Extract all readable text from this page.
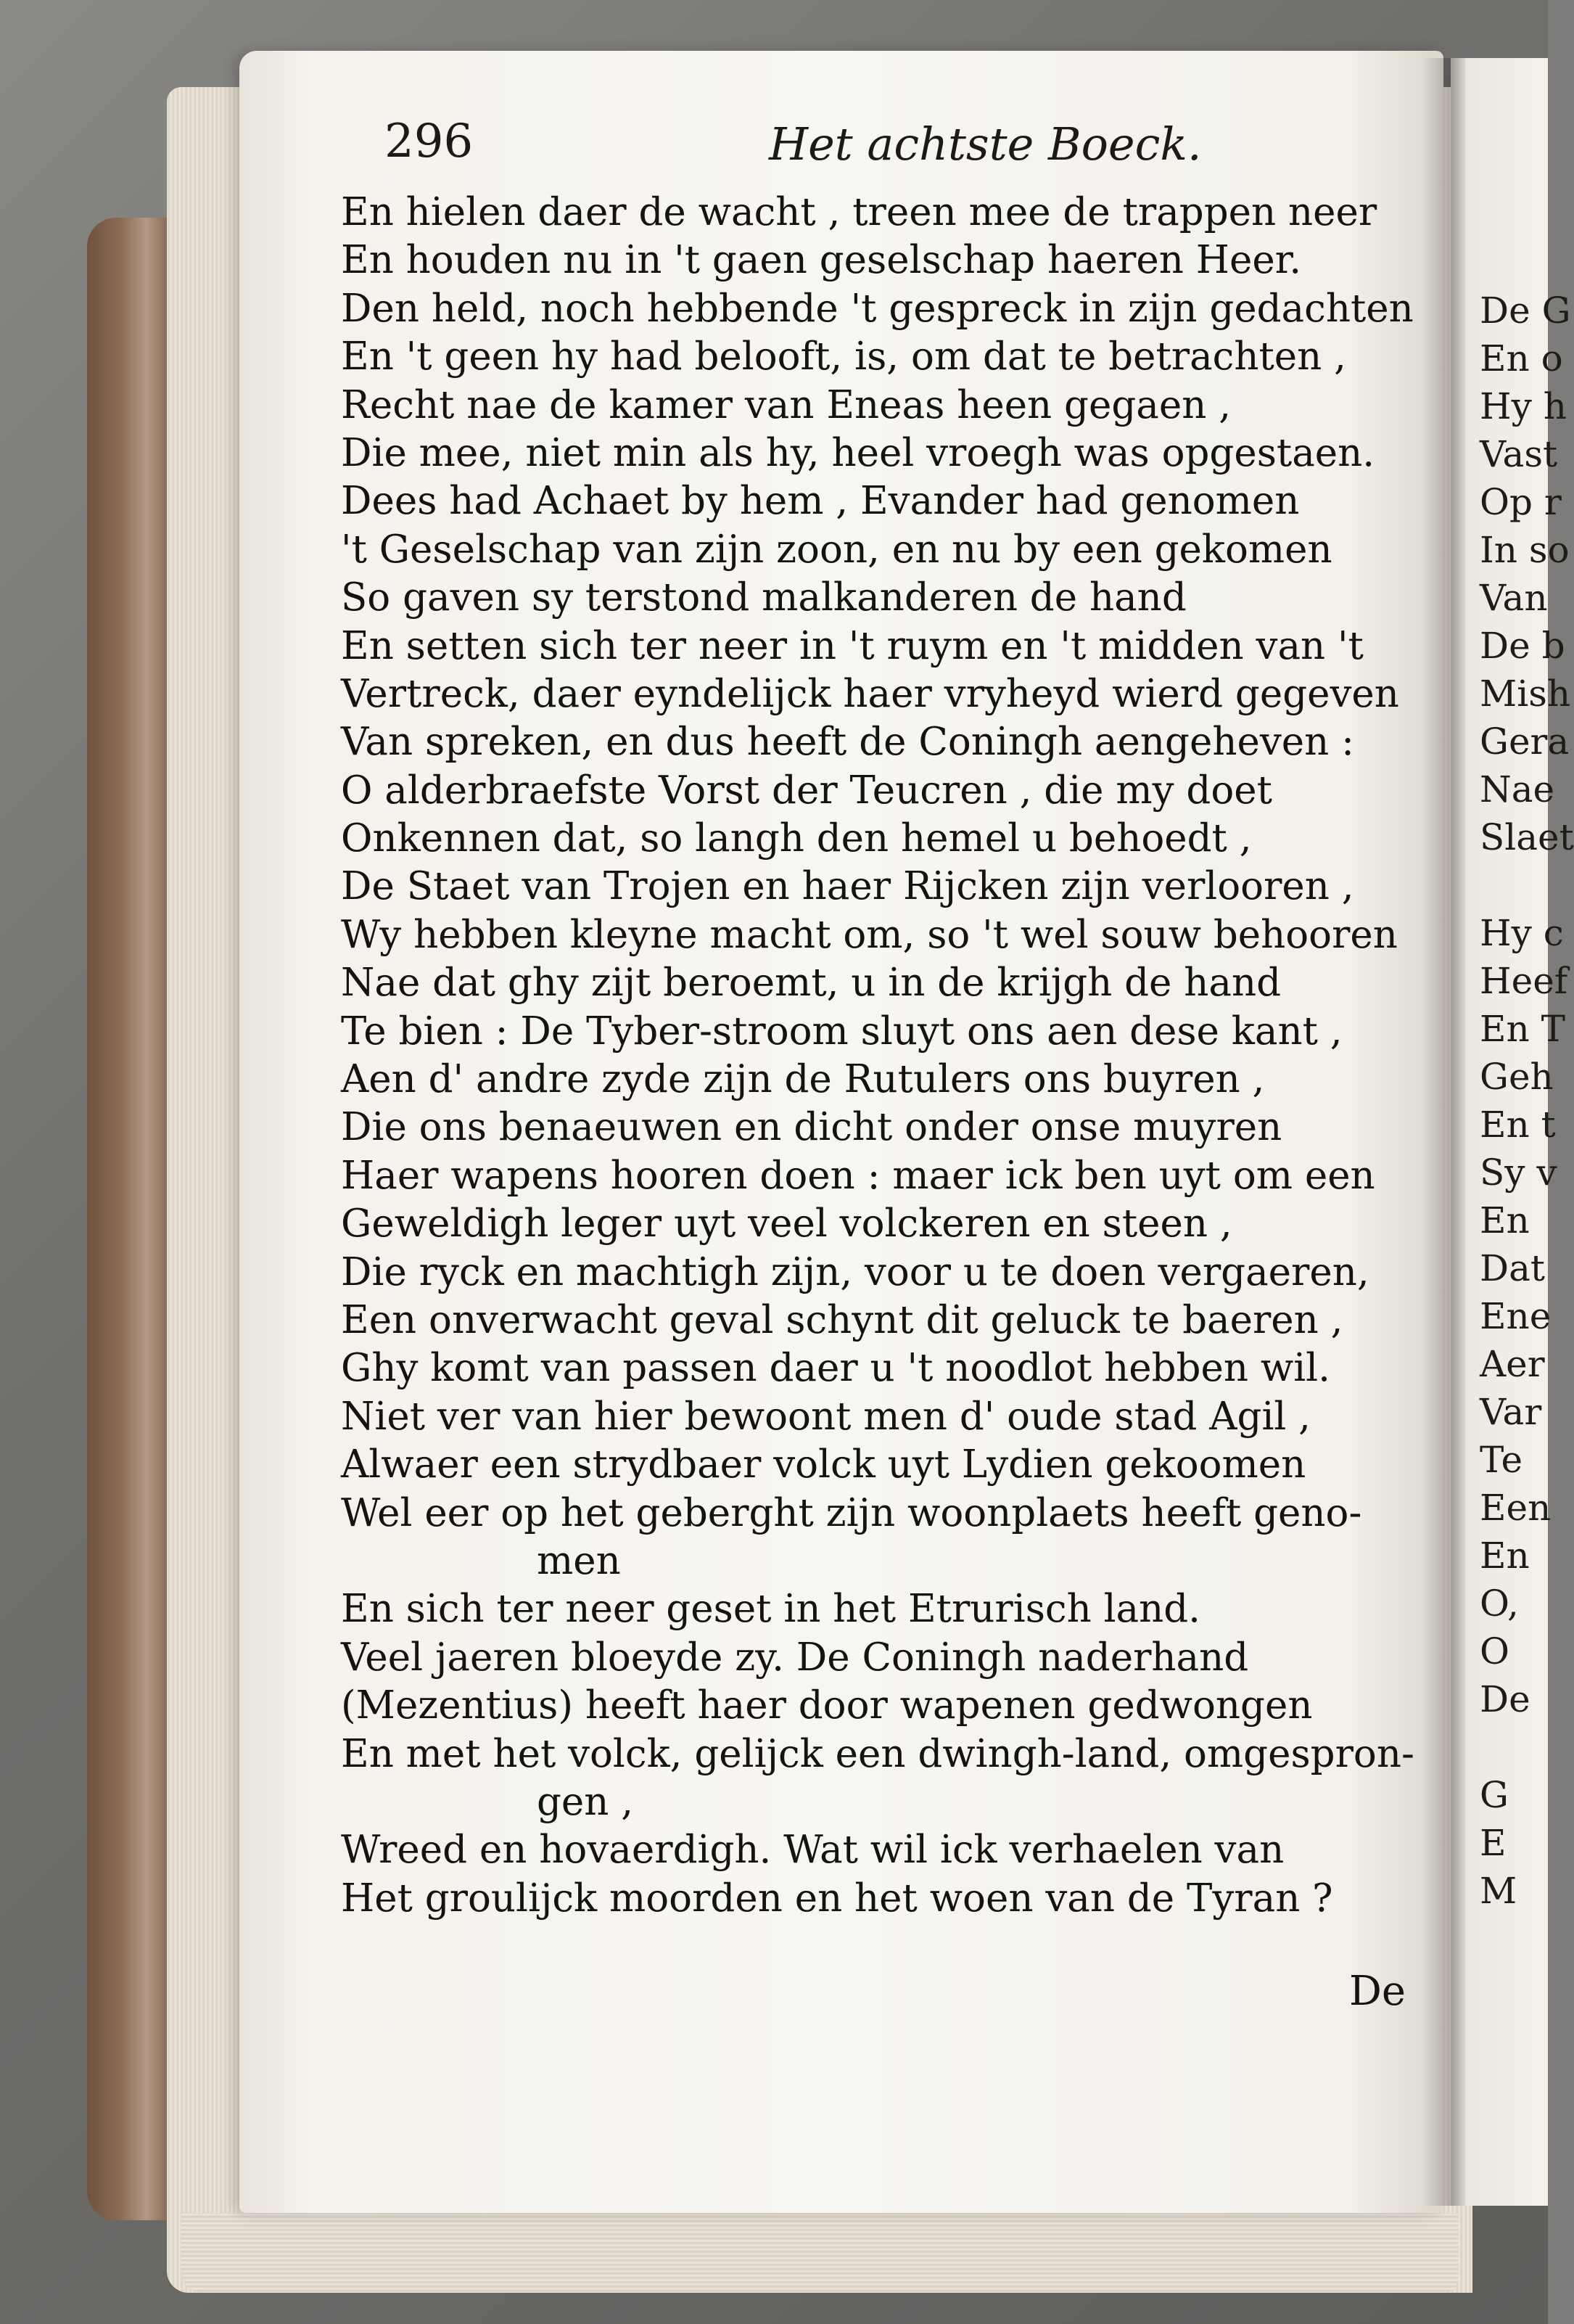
296	Het achtste Boeck.
En hielen daer de wacht , treen mee de trappen neer
En houden nu in 't gaen geselschap haeren Heer.
Den held, noch hebbende 't gespreck in zijn gedachten
En 't geen hy had belooft, is, om dat te betrachten ,
Recht nae de kamer van Eneas heen gegaen ,
Die mee, niet min als hy, heel vroegh was opgestaen.
Dees had Achaet by hem , Evander had genomen
't Geselschap van zijn zoon, en nu by een gekomen
So gaven sy terstond malkanderen de hand
En setten sich ter neer in 't ruym en 't midden van 't
Vertreck, daer eyndelijck haer vryheyd wierd gegeven
Van spreken, en dus heeft de Coningh aengeheven :
O alderbraefste Vorst der Teucren , die my doet
Onkennen dat, so langh den hemel u behoedt ,
De Staet van Trojen en haer Rijcken zijn verlooren ,
Wy hebben kleyne macht om, so 't wel souw behooren
Nae dat ghy zijt beroemt, u in de krijgh de hand
Te bien : De Tyber-stroom sluyt ons aen dese kant ,
Aen d' andre zyde zijn de Rutulers ons buyren ,
Die ons benaeuwen en dicht onder onse muyren
Haer wapens hooren doen : maer ick ben uyt om een
Geweldigh leger uyt veel volckeren en steen ,
Die ryck en machtigh zijn, voor u te doen vergaeren,
Een onverwacht geval schynt dit geluck te baeren ,
Ghy komt van passen daer u 't noodlot hebben wil.
Niet ver van hier bewoont men d' oude stad Agil ,
Alwaer een strydbaer volck uyt Lydien gekoomen
Wel eer op het geberght zijn woonplaets heeft geno-
men
En sich ter neer geset in het Etrurisch land.
Veel jaeren bloeyde zy. De Coningh naderhand
(Mezentius) heeft haer door wapenen gedwongen
En met het volck, gelijck een dwingh-land, omgespron-
gen ,
Wreed en hovaerdigh. Wat wil ick verhaelen van
Het groulijck moorden en het woen van de Tyran ?
De
De G
En o
Hy h
Vast
Op r
In so
Van
De b
Mish
Gera
Nae
Slaet
Hy c
Heef
En T
Geh
En t
Sy v
En
Dat
Ene
Aer
Var
Te
Een
En
O,
O
De
G
E
M
